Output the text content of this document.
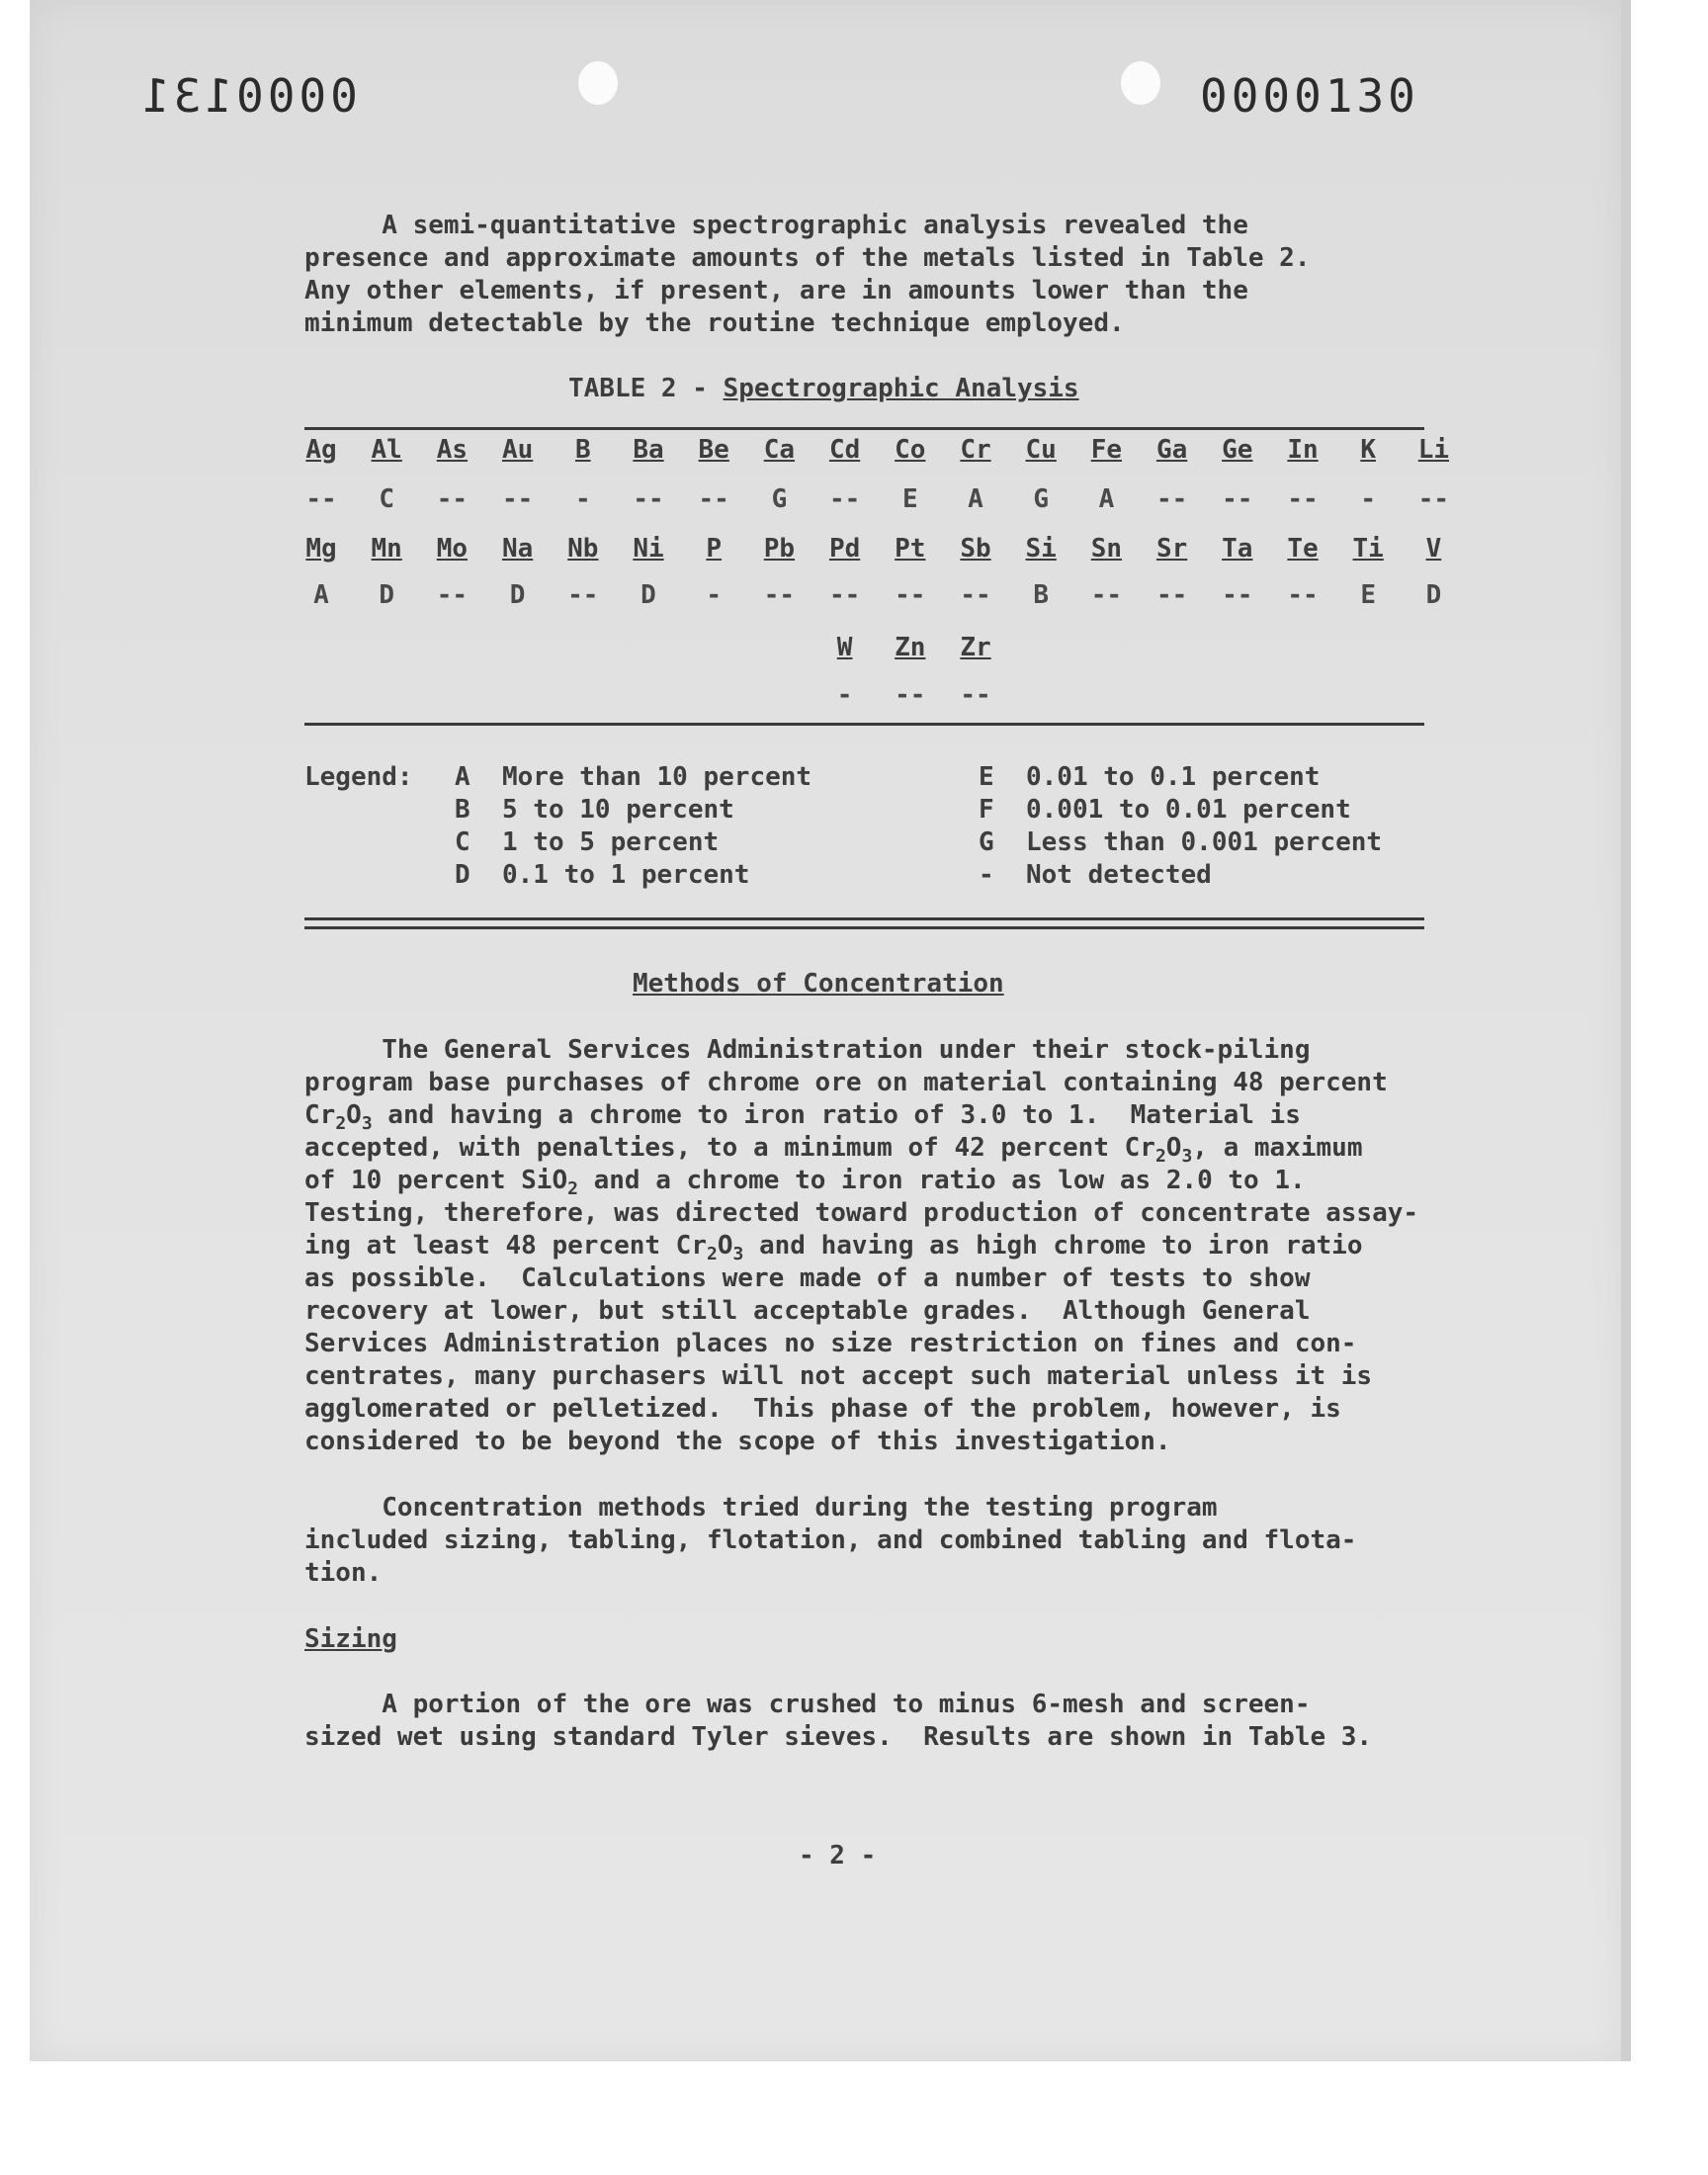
0000131	0000130
A semi-quantitative spectrographic analysis revealed the
presence and approximate amounts of the metals listed in Table 2.
Any other elements, if present, are in amounts lower than the
minimum detectable by the routine technique employed.
TABLE 2 - Spectrographic Analysis
Ag
--
Al
C
As
--
Au
--
B
-
Ba
--
Be
--
Ca
G
Cd
--
Co
E
Cr
A
Cu
G
Fe
A
Ga
--
Ge
--
In
--
K
-
Li
--
Mg
A
Mn
D
Mo
--
Na
D
Nb
--
Ni
D
P
-
Pb
--
Pd
--
Pt
--
Sb
--
Si
B
Sn
--
Sr
--
Ta
--
Te
--
Ti
E
V
D
W
-
Zn
--
Zr
--
Legend: A More than 10 percent
B 5 to 10 percent
C 1 to 5 percent
D 0.1 to 1 percent
E 0.01 to 0.1 percent
F 0.001 to 0.01 percent
G Less than 0.001 percent
- Not detected
Methods of Concentration
The General Services Administration under their stock-piling
program base purchases of chrome ore on material containing 48 percent
$Cr_2O_3$ and having a chrome to iron ratio of 3.0 to 1.  Material is
accepted, with penalties, to a minimum of 42 percent $Cr_2O_3$, a maximum
of 10 percent SiO$_2$ and a chrome to iron ratio as low as 2.0 to 1.
Testing, therefore, was directed toward production of concentrate assay-
ing at least 48 percent $Cr_2O_3$ and having as high chrome to iron ratio
as possible.  Calculations were made of a number of tests to show
recovery at lower, but still acceptable grades.  Although General
Services Administration places no size restriction on fines and con-
centrates, many purchasers will not accept such material unless it is
agglomerated or pelletized.  This phase of the problem, however, is
considered to be beyond the scope of this investigation.
Concentration methods tried during the testing program
included sizing, tabling, flotation, and combined tabling and flota-
tion.
Sizing
A portion of the ore was crushed to minus 6-mesh and screen-
sized wet using standard Tyler sieves.  Results are shown in Table 3.
- 2 -
